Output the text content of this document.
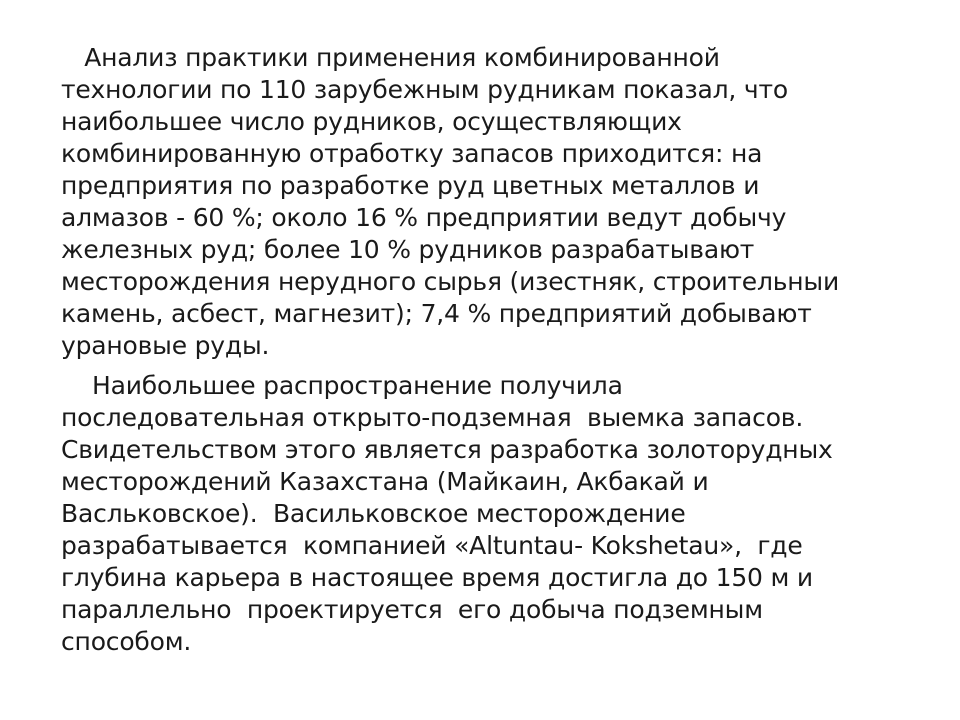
Анализ практики применения комбинированной
технологии по 110 зарубежным рудникам показал, что
наибольшее число рудников, осуществляющих
комбинированную отработку запасов приходится: на
предприятия по разработке руд цветных металлов и
алмазов - 60 %; около 16 % предприятии ведут добычу
железных руд; более 10 % рудников разрабатывают
месторождения нерудного сырья (изестняк, строительныи
камень, асбест, магнезит); 7,4 % предприятий добывают
урановые руды.
Наибольшее распространение получила
последовательная открыто-подземная  выемка запасов.
Свидетельством этого является разработка золоторудных
месторождений Казахстана (Майкаин, Акбакай и
Васльковское).  Васильковское месторождение
разрабатывается  компанией «Altuntau- Kokshetau»,  где
глубина карьера в настоящее время достигла до 150 м и
параллельно  проектируется  его добыча подземным
способом.
